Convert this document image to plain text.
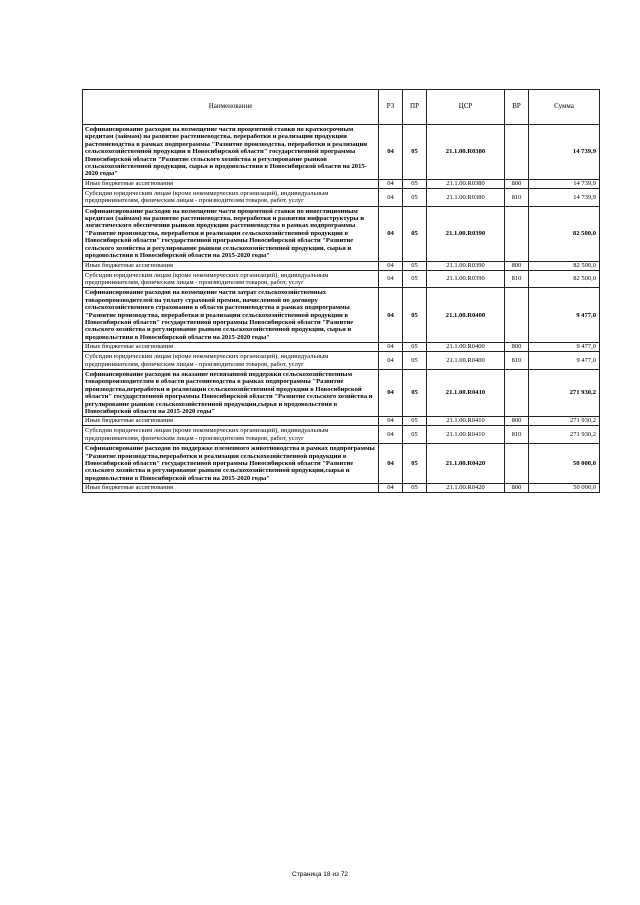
Наименование	РЗ	ПР	ЦСР	ВР	Сумма
Софинансирование расходов на возмещение части процентной ставки по краткосрочным кредитам (займам) на развитие растениеводства, переработки и реализации продукции растениеводства в рамках подпрограммы "Развитие производства, переработки и реализации сельскохозяйственной продукции в Новосибирской области" государственной программы Новосибирской области "Развитие сельского хозяйства и регулирование рынков сельскохозяйственной продукции, сырья и продовольствия в Новосибирской области на 2015-2020 годы"	04	05	21.1.00.R0380		14 739,9
Иные бюджетные ассигнования	04	05	21.1.00.R0380	800	14 739,9
Субсидии юридическим лицам (кроме некоммерческих организаций), индивидуальным предпринимателям, физическим лицам - производителям товаров, работ, услуг	04	05	21.1.00.R0380	810	14 739,9
Софинансирование расходов на возмещение части процентной ставки по инвестиционным кредитам (займам) на развитие растениеводства, переработки и развития инфраструктуры и логистического обеспечения рынков продукции растениеводства в рамках подпрограммы "Развитие производства, переработки и реализации сельскохозяйственной продукции в Новосибирской области" государственной программы Новосибирской области "Развитие сельского хозяйства и регулирование рынков сельскохозяйственной продукции, сырья и продовольствия в Новосибирской области на 2015-2020 годы"	04	05	21.1.00.R0390		82 500,0
Иные бюджетные ассигнования	04	05	21.1.00.R0390	800	82 500,0
Субсидии юридическим лицам (кроме некоммерческих организаций), индивидуальным предпринимателям, физическим лицам - производителям товаров, работ, услуг	04	05	21.1.00.R0390	810	82 500,0
Софинансирование расходов на возмещение части затрат сельскохозяйственных товаропроизводителей на уплату страховой премии, начисленной по договору сельскохозяйственного страхования в области растениеводства в рамках подпрограммы "Развитие производства, переработки и реализации сельскохозяйственной продукции в Новосибирской области" государственной программы Новосибирской области "Развитие сельского хозяйства и регулирование рынков сельскохозяйственной продукции, сырья и продовольствия в Новосибирской области на 2015-2020 годы"	04	05	21.1.00.R0400		9 477,0
Иные бюджетные ассигнования	04	05	21.1.00.R0400	800	9 477,0
Субсидии юридическим лицам (кроме некоммерческих организаций), индивидуальным предпринимателям, физическим лицам - производителям товаров, работ, услуг	04	05	21.1.00.R0400	810	9 477,0
Софинансирование расходов на оказание несвязанной поддержки сельскохозяйственным товаропроизводителям в области растениеводства в рамках подпрограммы "Развитие производства,переработки и реализации сельскохозяйственной продукции в Новосибирской области" государственной программы Новосибирской области "Развитие сельского хозяйства и регулирование рынков сельскохозяйственной продукции,сырья и продовольствия в Новосибирской области на 2015-2020 годы"	04	05	21.1.00.R0410		271 930,2
Иные бюджетные ассигнования	04	05	21.1.00.R0410	800	271 930,2
Субсидии юридическим лицам (кроме некоммерческих организаций), индивидуальным предпринимателям, физическим лицам - производителям товаров, работ, услуг	04	05	21.1.00.R0410	810	271 930,2
Софинансирование расходов по поддержке племенного животноводства в рамках подпрограммы "Развитие производства,переработки и реализации сельскохозяйственной продукции в Новосибирской области" государственной программы Новосибирской области "Развитие сельского хозяйства и регулирование рынков сельскохозяйственной продукции,сырья и продовольствия в Новосибирской области на 2015-2020 годы"	04	05	21.1.00.R0420		50 000,0
Иные бюджетные ассигнования	04	05	21.1.00.R0420	800	50 000,0
Страница 18 из 72
